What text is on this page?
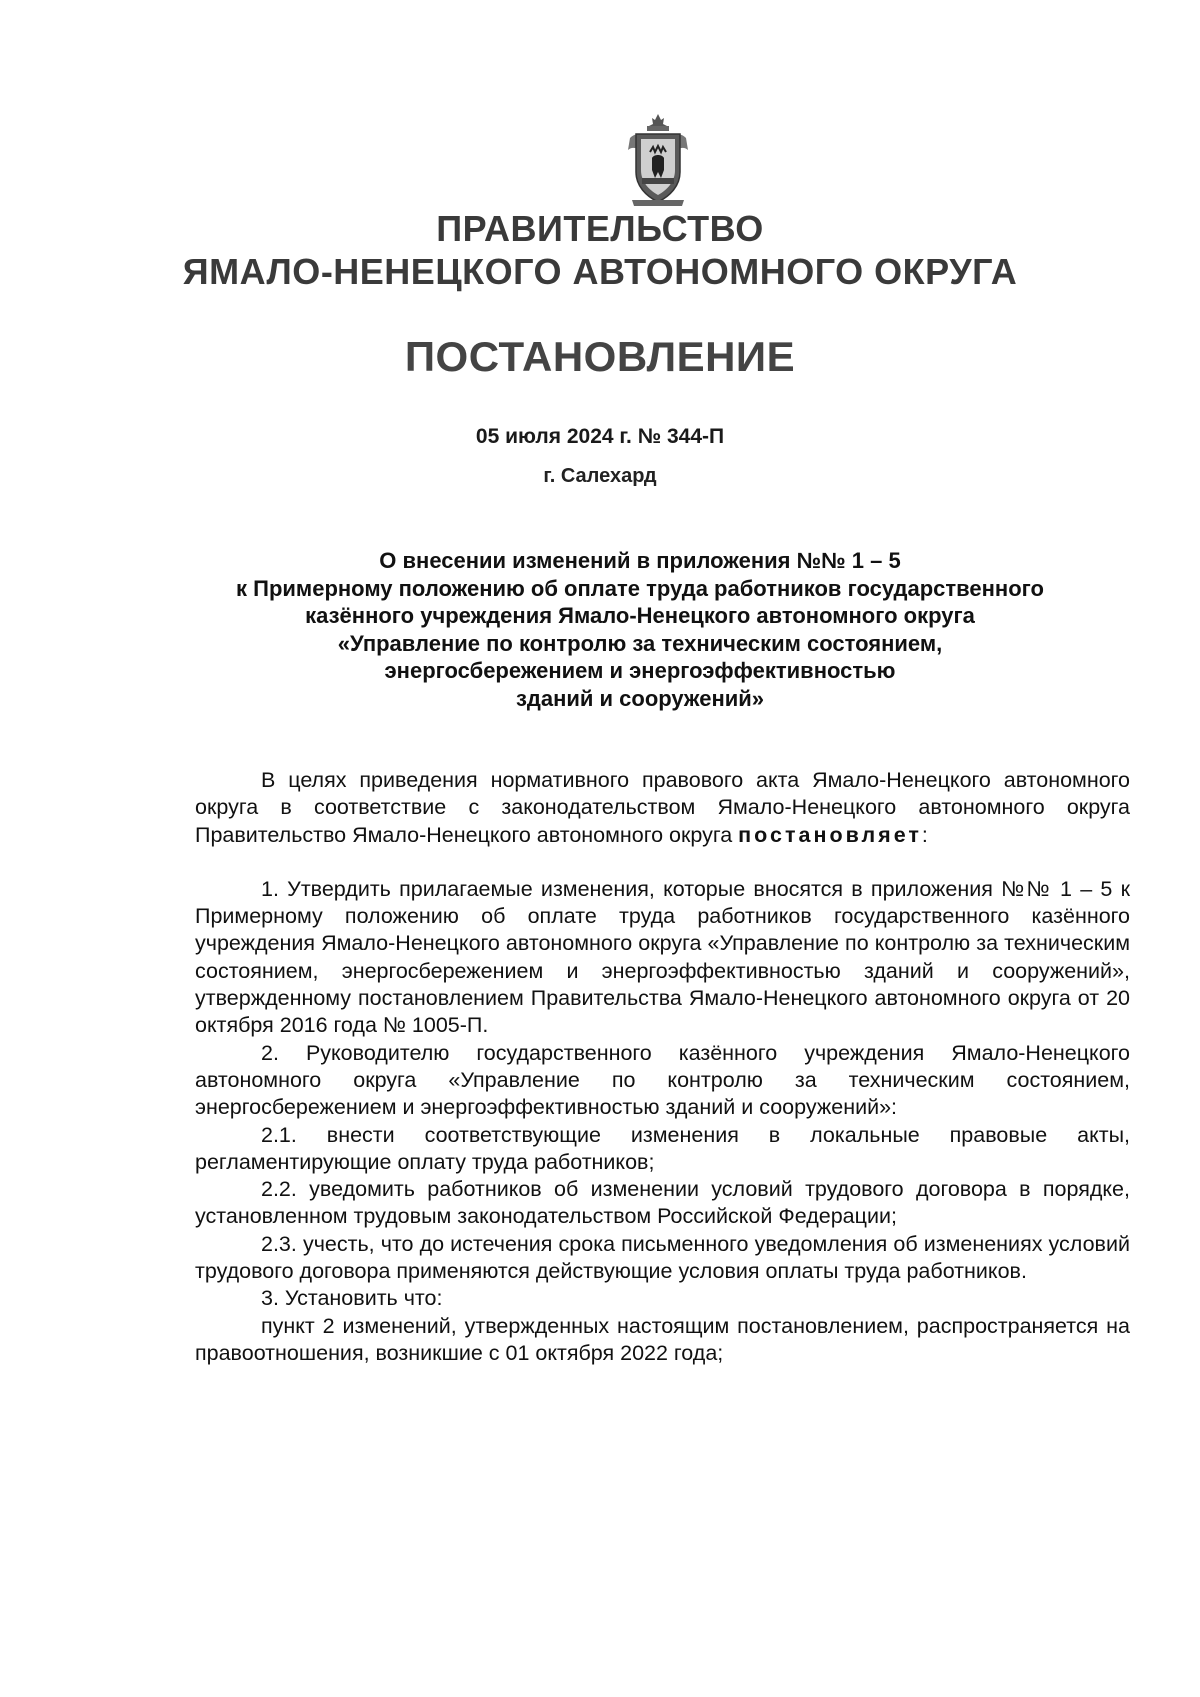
ПРАВИТЕЛЬСТВО
ЯМАЛО-НЕНЕЦКОГО АВТОНОМНОГО ОКРУГА
ПОСТАНОВЛЕНИЕ
05 июля 2024 г. № 344-П
г. Салехард
О внесении изменений в приложения №№ 1 – 5
к Примерному положению об оплате труда работников государственного
казённого учреждения Ямало-Ненецкого автономного округа
«Управление по контролю за техническим состоянием,
энергосбережением и энергоэффективностью
зданий и сооружений»

В целях приведения нормативного правового акта Ямало-Ненецкого автономного округа в соответствие с законодательством Ямало-Ненецкого автономного округа Правительство Ямало-Ненецкого автономного округа постановляет:

1. Утвердить прилагаемые изменения, которые вносятся в приложения №№ 1 – 5 к Примерному положению об оплате труда работников государственного казённого учреждения Ямало-Ненецкого автономного округа «Управление по контролю за техническим состоянием, энергосбережением и энергоэффективностью зданий и сооружений», утвержденному постановлением Правительства Ямало-Ненецкого автономного округа от 20 октября 2016 года № 1005-П.

2. Руководителю государственного казённого учреждения Ямало-Ненецкого автономного округа «Управление по контролю за техническим состоянием, энергосбережением и энергоэффективностью зданий и сооружений»:

2.1. внести соответствующие изменения в локальные правовые акты, регламентирующие оплату труда работников;

2.2. уведомить работников об изменении условий трудового договора в порядке, установленном трудовым законодательством Российской Федерации;

2.3. учесть, что до истечения срока письменного уведомления об изменениях условий трудового договора применяются действующие условия оплаты труда работников.

3. Установить что:

пункт 2 изменений, утвержденных настоящим постановлением, распространяется на правоотношения, возникшие с 01 октября 2022 года;
